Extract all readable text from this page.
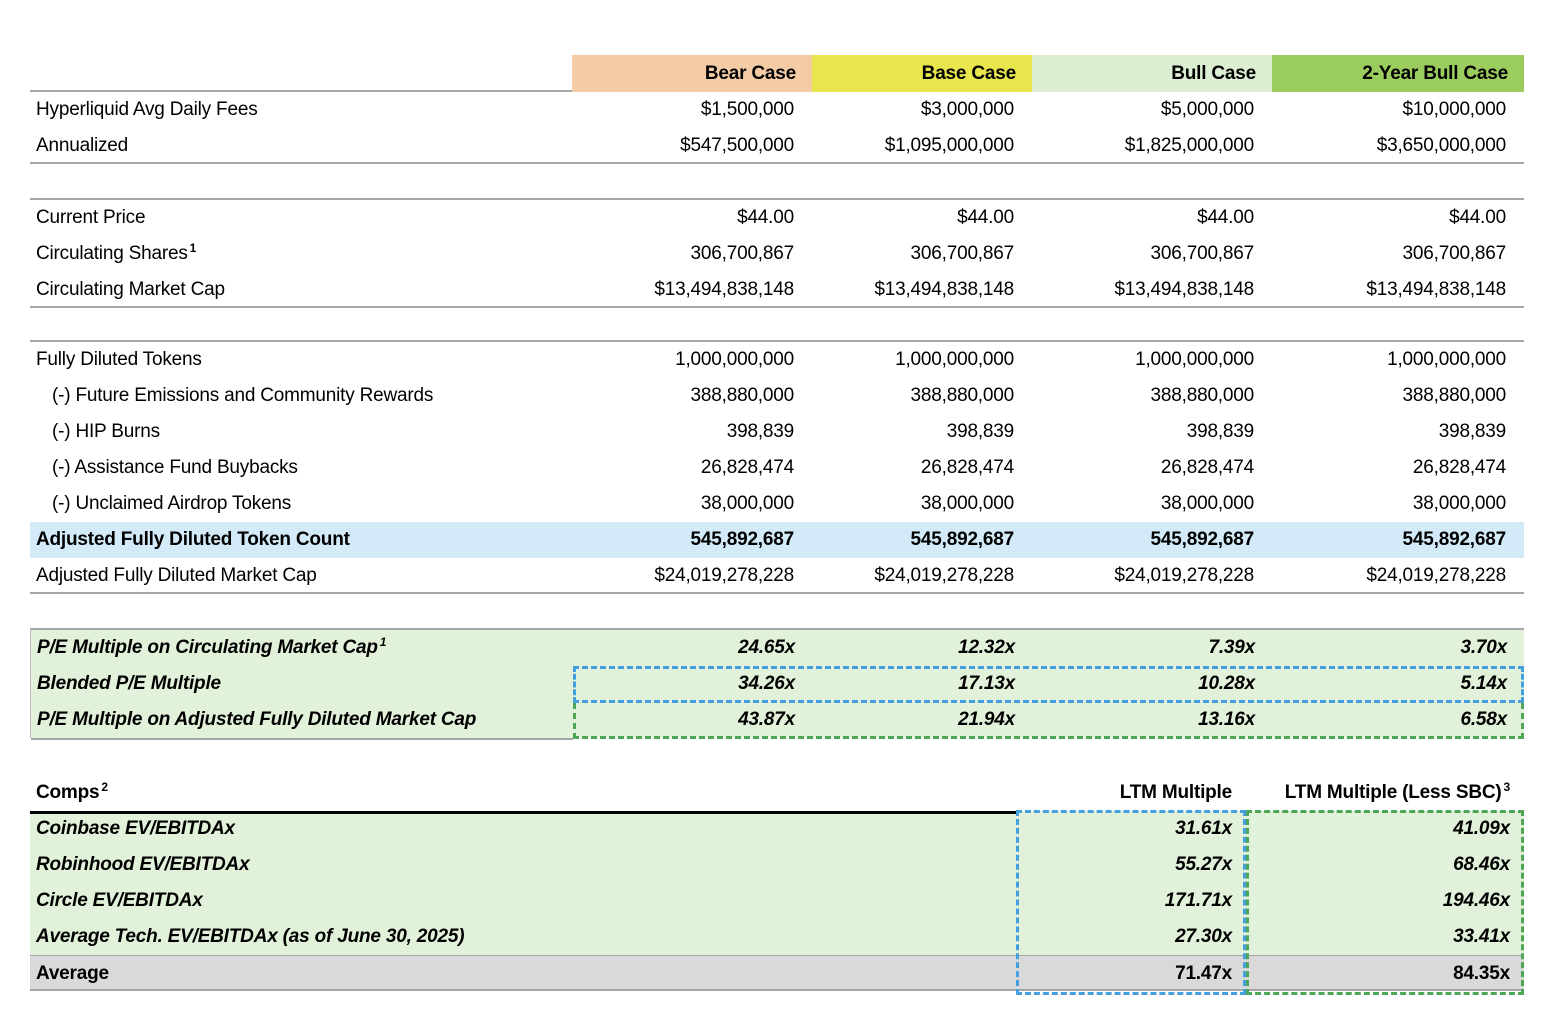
Bear Case	Base Case	Bull Case	2-Year Bull Case
Hyperliquid Avg Daily Fees	$1,500,000	$3,000,000	$5,000,000	$10,000,000
Annualized	$547,500,000	$1,095,000,000	$1,825,000,000	$3,650,000,000
Current Price	$44.00	$44.00	$44.00	$44.00
Circulating Shares $^1$	306,700,867	306,700,867	306,700,867	306,700,867
Circulating Market Cap	$13,494,838,148	$13,494,838,148	$13,494,838,148	$13,494,838,148
Fully Diluted Tokens	1,000,000,000	1,000,000,000	1,000,000,000	1,000,000,000
(-) Future Emissions and Community Rewards	388,880,000	388,880,000	388,880,000	388,880,000
(-) HIP Burns	398,839	398,839	398,839	398,839
(-) Assistance Fund Buybacks	26,828,474	26,828,474	26,828,474	26,828,474
(-) Unclaimed Airdrop Tokens	38,000,000	38,000,000	38,000,000	38,000,000
Adjusted Fully Diluted Token Count	545,892,687	545,892,687	545,892,687	545,892,687
Adjusted Fully Diluted Market Cap	$24,019,278,228	$24,019,278,228	$24,019,278,228	$24,019,278,228
P/E Multiple on Circulating Market Cap $^1$	24.65x	12.32x	7.39x	3.70x
Blended P/E Multiple	34.26x	17.13x	10.28x	5.14x
P/E Multiple on Adjusted Fully Diluted Market Cap	43.87x	21.94x	13.16x	6.58x
Comps $^2$	LTM Multiple	LTM Multiple (Less SBC) $^3$
Coinbase EV/EBITDAx	31.61x	41.09x
Robinhood EV/EBITDAx	55.27x	68.46x
Circle EV/EBITDAx	171.71x	194.46x
Average Tech. EV/EBITDAx (as of June 30, 2025)	27.30x	33.41x
Average	71.47x	84.35x
